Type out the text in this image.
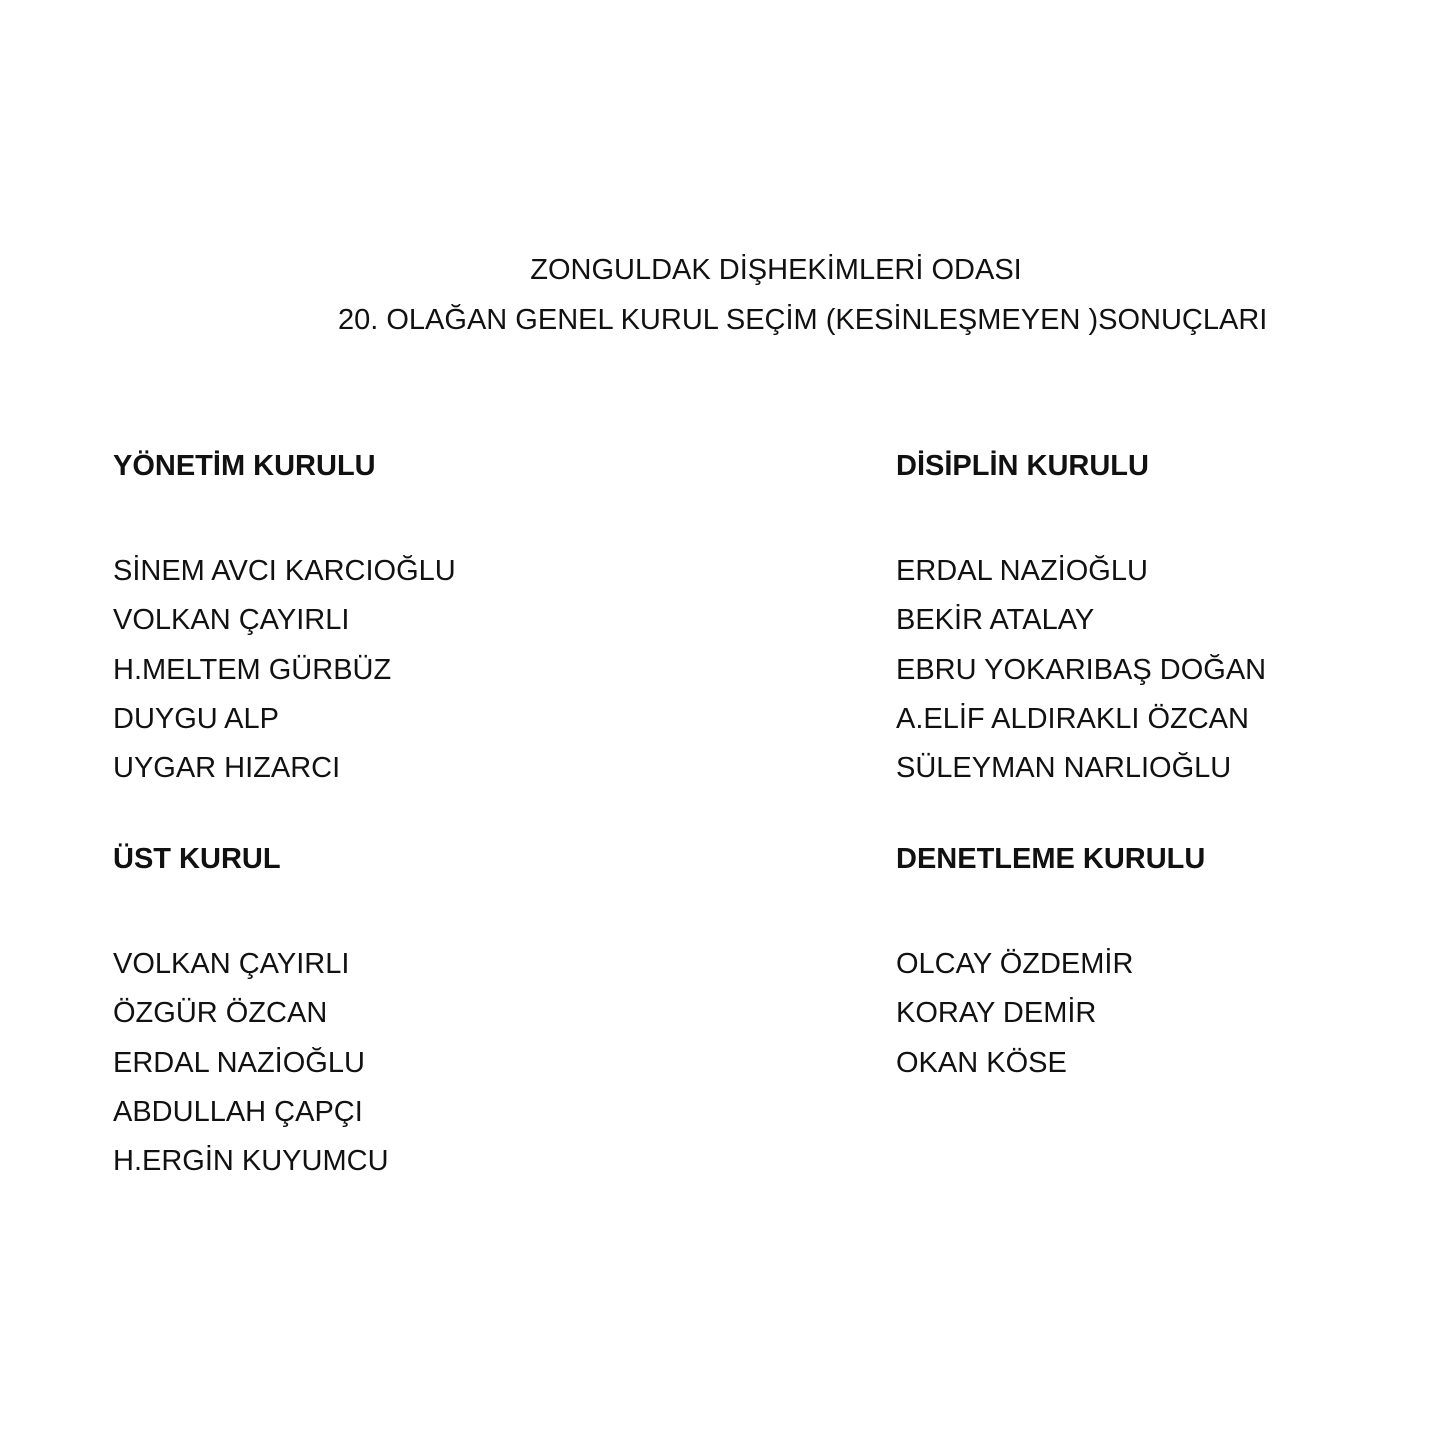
ZONGULDAK DİŞHEKİMLERİ ODASI
20. OLAĞAN GENEL KURUL SEÇİM (KESİNLEŞMEYEN )SONUÇLARI
YÖNETİM KURULU
SİNEM AVCI KARCIOĞLU
VOLKAN ÇAYIRLI
H.MELTEM GÜRBÜZ
DUYGU ALP
UYGAR HIZARCI
DİSİPLİN KURULU
ERDAL NAZİOĞLU
BEKİR ATALAY
EBRU YOKARIBAŞ DOĞAN
A.ELİF ALDIRAKLI ÖZCAN
SÜLEYMAN NARLIOĞLU
ÜST KURUL
VOLKAN ÇAYIRLI
ÖZGÜR ÖZCAN
ERDAL NAZİOĞLU
ABDULLAH ÇAPÇI
H.ERGİN KUYUMCU
DENETLEME KURULU
OLCAY ÖZDEMİR
KORAY DEMİR
OKAN KÖSE
